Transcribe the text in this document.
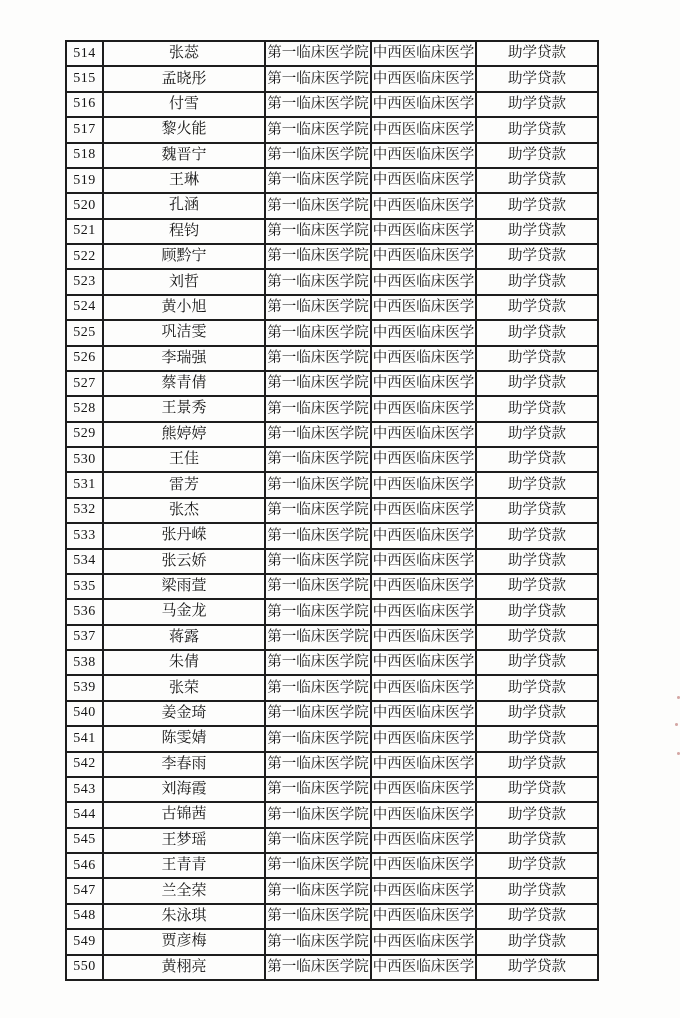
514	张蕊	第一临床医学院	中西医临床医学	助学贷款
515	孟晓彤	第一临床医学院	中西医临床医学	助学贷款
516	付雪	第一临床医学院	中西医临床医学	助学贷款
517	黎火能	第一临床医学院	中西医临床医学	助学贷款
518	魏晋宁	第一临床医学院	中西医临床医学	助学贷款
519	王琳	第一临床医学院	中西医临床医学	助学贷款
520	孔涵	第一临床医学院	中西医临床医学	助学贷款
521	程钧	第一临床医学院	中西医临床医学	助学贷款
522	顾黔宁	第一临床医学院	中西医临床医学	助学贷款
523	刘哲	第一临床医学院	中西医临床医学	助学贷款
524	黄小旭	第一临床医学院	中西医临床医学	助学贷款
525	巩洁雯	第一临床医学院	中西医临床医学	助学贷款
526	李瑞强	第一临床医学院	中西医临床医学	助学贷款
527	蔡青倩	第一临床医学院	中西医临床医学	助学贷款
528	王景秀	第一临床医学院	中西医临床医学	助学贷款
529	熊婷婷	第一临床医学院	中西医临床医学	助学贷款
530	王佳	第一临床医学院	中西医临床医学	助学贷款
531	雷芳	第一临床医学院	中西医临床医学	助学贷款
532	张杰	第一临床医学院	中西医临床医学	助学贷款
533	张丹嵘	第一临床医学院	中西医临床医学	助学贷款
534	张云娇	第一临床医学院	中西医临床医学	助学贷款
535	梁雨萱	第一临床医学院	中西医临床医学	助学贷款
536	马金龙	第一临床医学院	中西医临床医学	助学贷款
537	蒋露	第一临床医学院	中西医临床医学	助学贷款
538	朱倩	第一临床医学院	中西医临床医学	助学贷款
539	张荣	第一临床医学院	中西医临床医学	助学贷款
540	姜金琦	第一临床医学院	中西医临床医学	助学贷款
541	陈雯婧	第一临床医学院	中西医临床医学	助学贷款
542	李春雨	第一临床医学院	中西医临床医学	助学贷款
543	刘海霞	第一临床医学院	中西医临床医学	助学贷款
544	古锦茜	第一临床医学院	中西医临床医学	助学贷款
545	王梦瑶	第一临床医学院	中西医临床医学	助学贷款
546	王青青	第一临床医学院	中西医临床医学	助学贷款
547	兰全荣	第一临床医学院	中西医临床医学	助学贷款
548	朱泳琪	第一临床医学院	中西医临床医学	助学贷款
549	贾彦梅	第一临床医学院	中西医临床医学	助学贷款
550	黄栩亮	第一临床医学院	中西医临床医学	助学贷款
